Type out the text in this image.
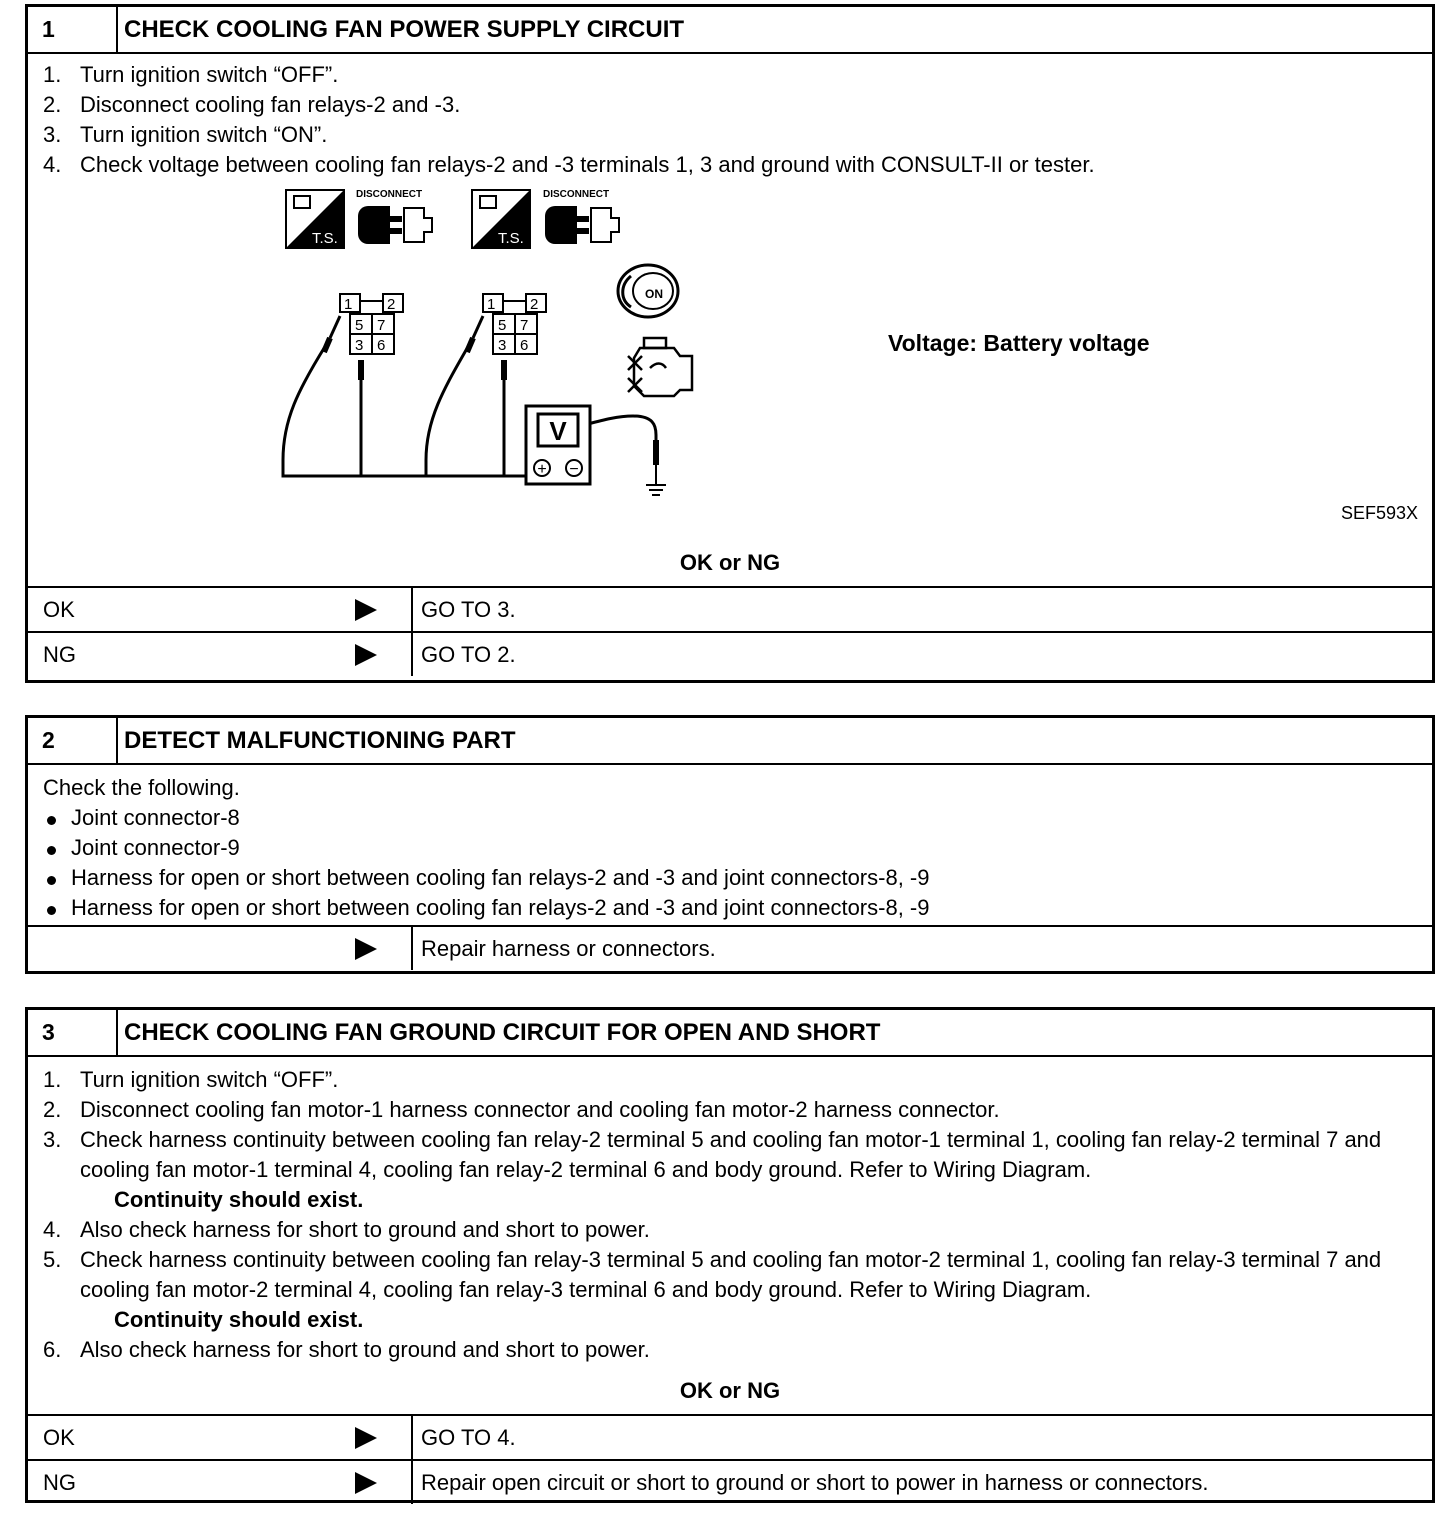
1	CHECK COOLING FAN POWER SUPPLY CIRCUIT
1. Turn ignition switch “OFF”.
2. Disconnect cooling fan relays-2 and -3.
3. Turn ignition switch “ON”.
4. Check voltage between cooling fan relays-2 and -3 terminals 1, 3 and ground with CONSULT-II or tester.
T.S.
DISCONNECT
T.S.
DISCONNECT
1 2
5 7
3 6
1 2
5 7
3 6
V
+ −
ON
Voltage: Battery voltage
SEF593X
OK or NG
OK	GO TO 3.
NG	GO TO 2.
2	DETECT MALFUNCTIONING PART
Check the following.
Joint connector-8
Joint connector-9
Harness for open or short between cooling fan relays-2 and -3 and joint connectors-8, -9
Harness for open or short between cooling fan relays-2 and -3 and joint connectors-8, -9
Repair harness or connectors.
3	CHECK COOLING FAN GROUND CIRCUIT FOR OPEN AND SHORT
1. Turn ignition switch “OFF”.
2. Disconnect cooling fan motor-1 harness connector and cooling fan motor-2 harness connector.
3. Check harness continuity between cooling fan relay-2 terminal 5 and cooling fan motor-1 terminal 1, cooling fan relay-2 terminal 7 and cooling fan motor-1 terminal 4, cooling fan relay-2 terminal 6 and body ground. Refer to Wiring Diagram.
Continuity should exist.
4. Also check harness for short to ground and short to power.
5. Check harness continuity between cooling fan relay-3 terminal 5 and cooling fan motor-2 terminal 1, cooling fan relay-3 terminal 7 and cooling fan motor-2 terminal 4, cooling fan relay-3 terminal 6 and body ground. Refer to Wiring Diagram.
Continuity should exist.
6. Also check harness for short to ground and short to power.
OK or NG
OK	GO TO 4.
NG	Repair open circuit or short to ground or short to power in harness or connectors.
